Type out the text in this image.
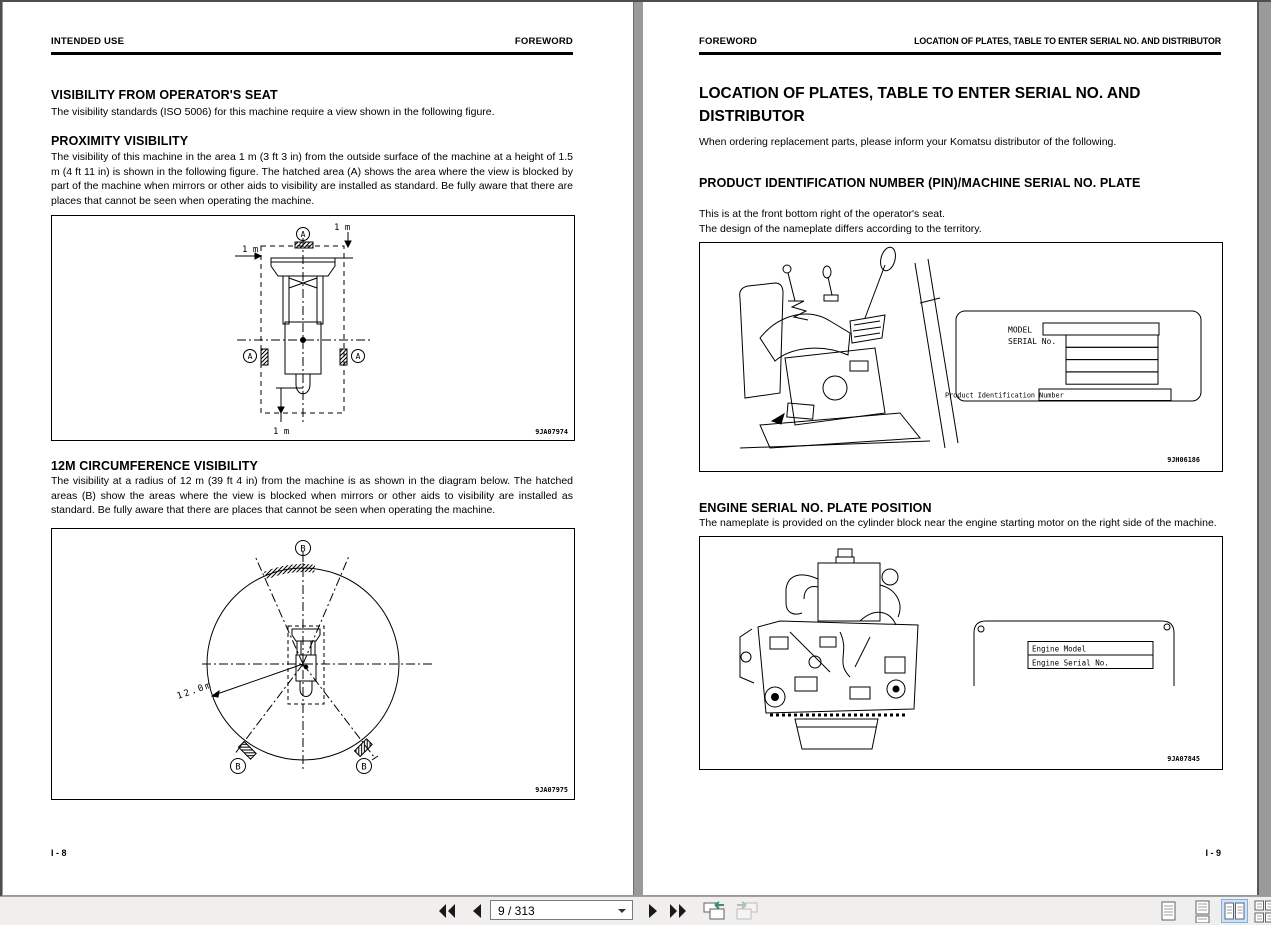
INTENDED USE	FOREWORD
VISIBILITY FROM OPERATOR'S SEAT

The visibility standards (ISO 5006) for this machine require a view shown in the following figure.

PROXIMITY VISIBILITY

The visibility of this machine in the area 1 m (3 ft 3 in) from the outside surface of the machine at a height of 1.5 m (4 ft 11 in) is shown in the following figure. The hatched area (A) shows the area where the view is blocked by part of the machine when mirrors or other aids to visibility are installed as standard. Be fully aware that there are places that cannot be seen when operating the machine.

A
A	A
1 m
1 m
1 m	9JA07974
12M CIRCUMFERENCE VISIBILITY

The visibility at a radius of 12 m (39 ft 4 in) from the machine is as shown in the diagram below. The hatched areas (B) show the areas where the view is blocked when mirrors or other aids to visibility are installed as standard. Be fully aware that there are places that cannot be seen when operating the machine.

B
B	B
12.0m
9JA07975
I - 8
FOREWORD	LOCATION OF PLATES, TABLE TO ENTER SERIAL NO. AND DISTRIBUTOR
LOCATION OF PLATES, TABLE TO ENTER SERIAL NO. AND DISTRIBUTOR

When ordering replacement parts, please inform your Komatsu distributor of the following.

PRODUCT IDENTIFICATION NUMBER (PIN)/MACHINE SERIAL NO. PLATE

This is at the front bottom right of the operator's seat.

The design of the nameplate differs according to the territory.

MODEL
SERIAL No.
Product Identification Number
9JH06186
ENGINE SERIAL NO. PLATE POSITION

The nameplate is provided on the cylinder block near the engine starting motor on the right side of the machine.

Engine Model
Engine Serial No.
9JA07845
I - 9
9 / 313
